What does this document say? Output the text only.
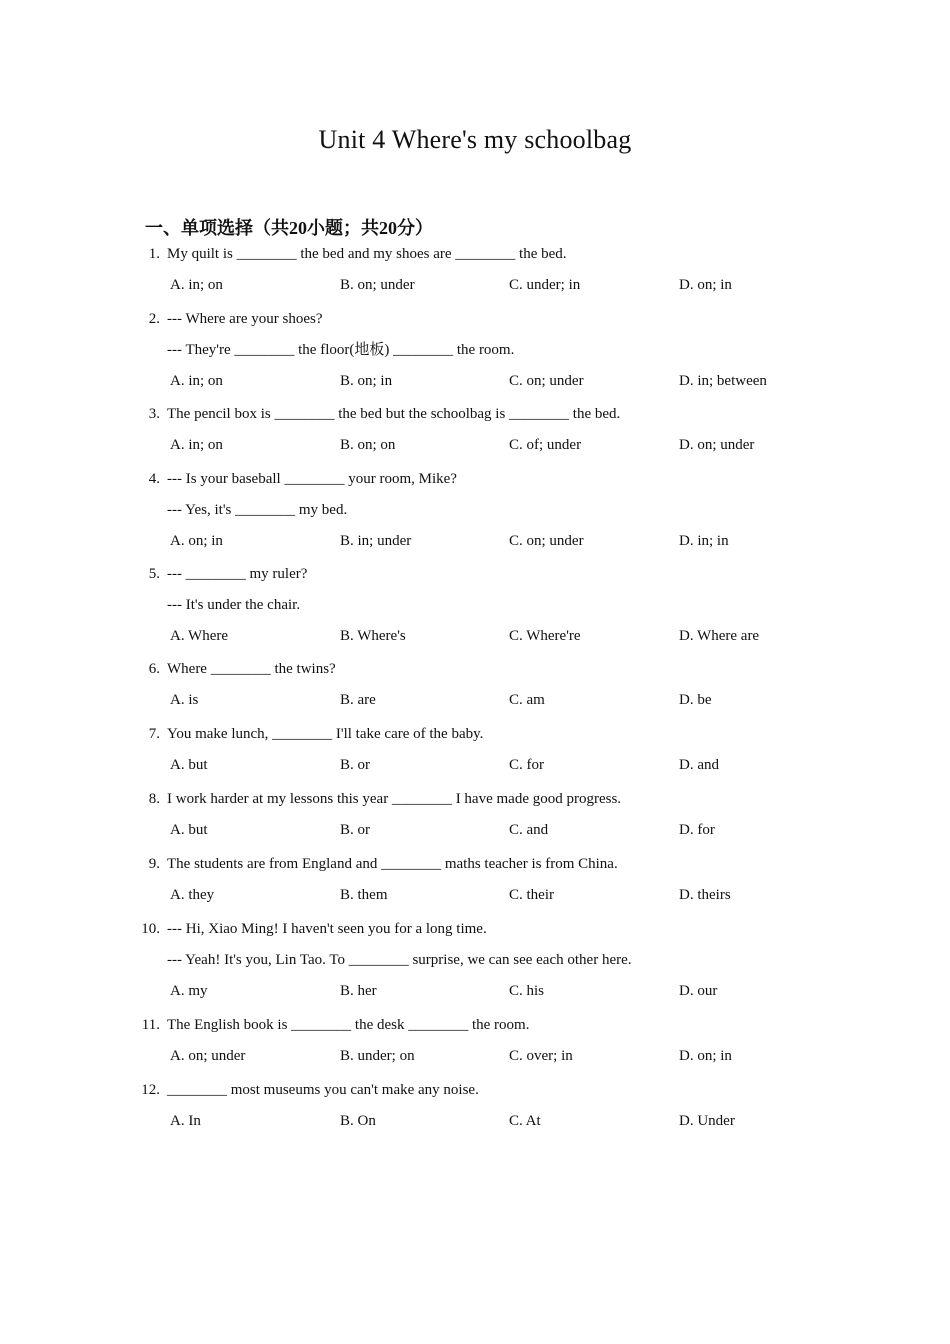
Unit 4 Where's my schoolbag
一、单项选择（共20小题；共20分）
1. My quilt is ________ the bed and my shoes are ________ the bed.
A. in; on	B. on; under	C. under; in	D. on; in
2. --- Where are your shoes?
--- They're ________ the floor(地板) ________ the room.
A. in; on	B. on; in	C. on; under	D. in; between
3. The pencil box is ________ the bed but the schoolbag is ________ the bed.
A. in; on	B. on; on	C. of; under	D. on; under
4. --- Is your baseball ________ your room, Mike?
--- Yes, it's ________ my bed.
A. on; in	B. in; under	C. on; under	D. in; in
5. --- ________ my ruler?
--- It's under the chair.
A. Where	B. Where's	C. Where're	D. Where are
6. Where ________ the twins?
A. is	B. are	C. am	D. be
7. You make lunch, ________ I'll take care of the baby.
A. but	B. or	C. for	D. and
8. I work harder at my lessons this year ________ I have made good progress.
A. but	B. or	C. and	D. for
9. The students are from England and ________ maths teacher is from China.
A. they	B. them	C. their	D. theirs
10. --- Hi, Xiao Ming! I haven't seen you for a long time.
--- Yeah! It's you, Lin Tao. To ________ surprise, we can see each other here.
A. my	B. her	C. his	D. our
11. The English book is ________ the desk ________ the room.
A. on; under	B. under; on	C. over; in	D. on; in
12. ________ most museums you can't make any noise.
A. In	B. On	C. At	D. Under
